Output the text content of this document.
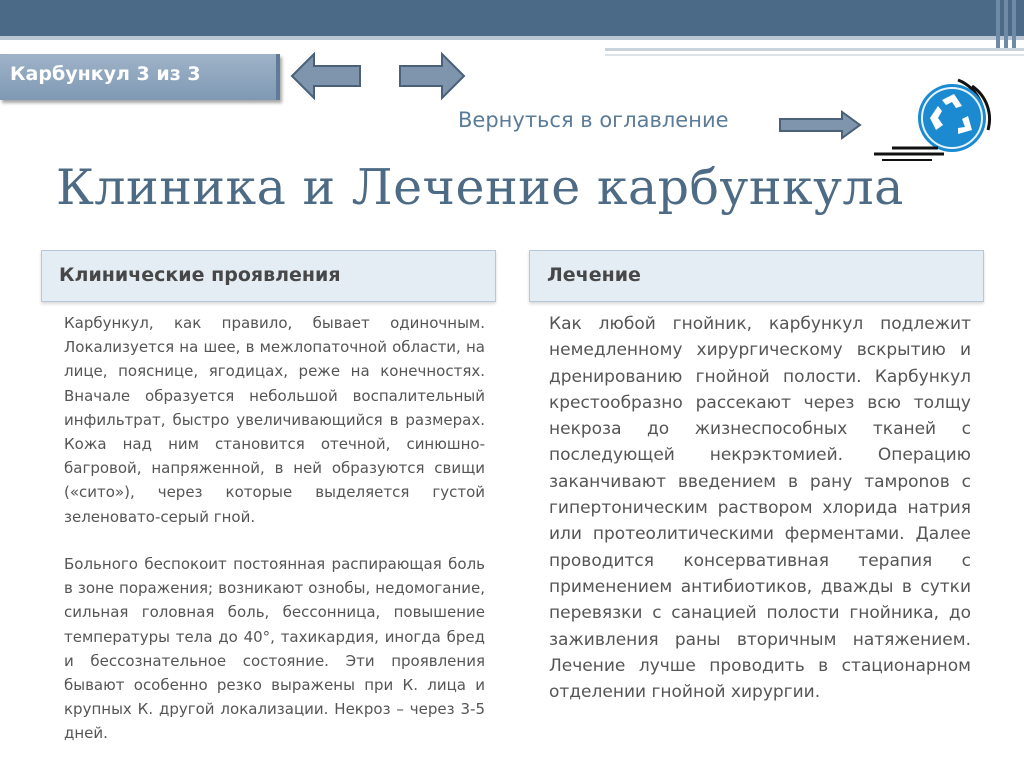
Карбункул 3 из 3
Вернуться в оглавление
Клиника и Лечение карбункула
Клинические проявления
Карбункул, как правило, бывает одиночным. Локализуется на шее, в межлопаточной области, на лице, пояснице, ягодицах, реже на конечностях. Вначале образуется небольшой воспалительный инфильтрат, быстро увеличивающийся в размерах. Кожа над ним становится отечной, синюшно-багровой, напряженной, в ней образуются свищи («сито»), через которые выделяется густой зеленовато-серый гной.
Больного беспокоит постоянная распирающая боль в зоне поражения; возникают ознобы, недомогание, сильная головная боль, бессонница, повышение температуры тела до 40°, тахикардия, иногда бред и бессознательное состояние. Эти проявления бывают особенно резко выражены при К. лица и крупных К. другой локализации. Некроз – через 3-5 дней.
Лечение
Как любой гнойник, карбункул подлежит немедленному хирургическому вскрытию и дренированию гнойной полости. Карбункул крестообразно рассекают через всю толщу некроза до жизнеспособных тканей с последующей некрэктомией. Операцию заканчивают введением в рану тамponов с гипертоническим раствором хлорида натрия или протеолитическими ферментами. Далее проводится консервативная терапия с применением антибиотиков, дважды в сутки перевязки с санацией полости гнойника, до заживления раны вторичным натяжением. Лечение лучше проводить в стационарном отделении гнойной хирургии.
